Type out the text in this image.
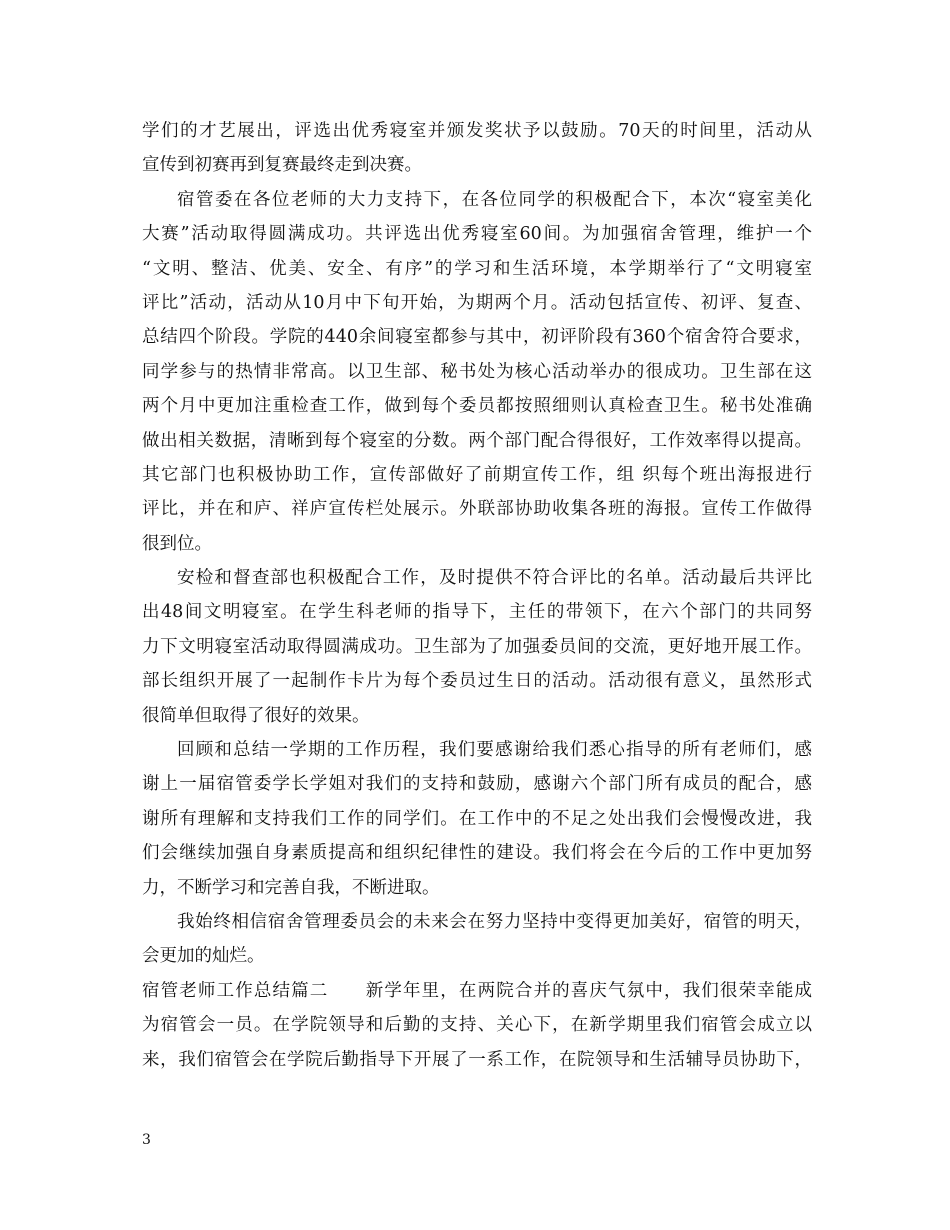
学们的才艺展出，评选出优秀寝室并颁发奖状予以鼓励。70天的时间里，活动从
宣传到初赛再到复赛最终走到决赛。
宿管委在各位老师的大力支持下，在各位同学的积极配合下，本次“寝室美化
大赛”活动取得圆满成功。共评选出优秀寝室60间。为加强宿舍管理，维护一个
“文明、整洁、优美、安全、有序”的学习和生活环境，本学期举行了“文明寝室
评比”活动，活动从10月中下旬开始，为期两个月。活动包括宣传、初评、复查、
总结四个阶段。学院的440余间寝室都参与其中，初评阶段有360个宿舍符合要求，
同学参与的热情非常高。以卫生部、秘书处为核心活动举办的很成功。卫生部在这
两个月中更加注重检查工作，做到每个委员都按照细则认真检查卫生。秘书处准确
做出相关数据，清晰到每个寝室的分数。两个部门配合得很好，工作效率得以提高。
其它部门也积极协助工作，宣传部做好了前期宣传工作，组 织每个班出海报进行
评比，并在和庐、祥庐宣传栏处展示。外联部协助收集各班的海报。宣传工作做得
很到位。
安检和督查部也积极配合工作，及时提供不符合评比的名单。活动最后共评比
出48间文明寝室。在学生科老师的指导下，主任的带领下，在六个部门的共同努
力下文明寝室活动取得圆满成功。卫生部为了加强委员间的交流，更好地开展工作。
部长组织开展了一起制作卡片为每个委员过生日的活动。活动很有意义，虽然形式
很简单但取得了很好的效果。
回顾和总结一学期的工作历程，我们要感谢给我们悉心指导的所有老师们，感
谢上一届宿管委学长学姐对我们的支持和鼓励，感谢六个部门所有成员的配合，感
谢所有理解和支持我们工作的同学们。在工作中的不足之处出我们会慢慢改进，我
们会继续加强自身素质提高和组织纪律性的建设。我们将会在今后的工作中更加努
力，不断学习和完善自我，不断进取。
我始终相信宿舍管理委员会的未来会在努力坚持中变得更加美好，宿管的明天，
会更加的灿烂。
宿管老师工作总结篇二　　新学年里，在两院合并的喜庆气氛中，我们很荣幸能成
为宿管会一员。在学院领导和后勤的支持、关心下，在新学期里我们宿管会成立以
来，我们宿管会在学院后勤指导下开展了一系工作，在院领导和生活辅导员协助下，
3
